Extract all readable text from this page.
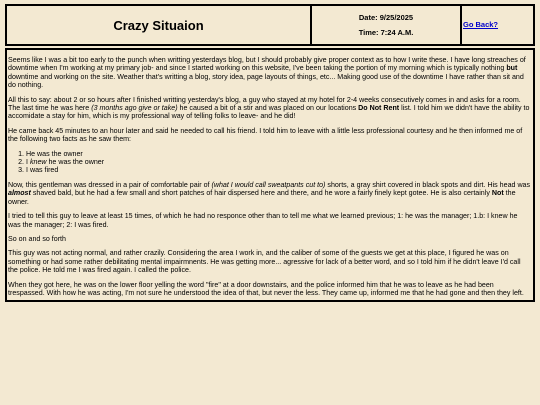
Crazy Situaion	Date: 9/25/2025
Time: 7:24 A.M.
Go Back?

Seems like I was a bit too early to the punch when writting yesterdays blog, but I should probably give proper context as to how I write these. I have long streaches of downtime when I'm working at my primary job- and since I started working on this website, I've been taking the portion of my morning which is typically nothing but downtime and working on the site. Weather that's writting a blog, story idea, page layouts of things, etc... Making good use of the downtime I have rather than sit and do nothing.

All this to say: about 2 or so hours after I finished writting yesterday's blog, a guy who stayed at my hotel for 2-4 weeks consecutively comes in and asks for a room. The last time he was here (3 months ago give or take) he caused a bit of a stir and was placed on our locations Do Not Rent list. I told him we didn't have the ability to accomidate a stay for him, which is my professional way of telling folks to leave- and he did!

He came back 45 minutes to an hour later and said he needed to call his friend. I told him to leave with a little less professional courtesy and he then informed me of the following two facts as he saw them:

1. He was the owner
2. I knew he was the owner
3. I was fired

Now, this gentleman was dressed in a pair of comfortable pair of (what I would call sweatpants cut to) shorts, a gray shirt covered in black spots and dirt. His head was almost shaved bald, but he had a few small and short patches of hair dispersed here and there, and he wore a fairly finely kept gotee. He is also certainly Not the owner.

I tried to tell this guy to leave at least 15 times, of which he had no responce other than to tell me what we learned previous; 1: he was the manager; 1.b: I knew he was the manager; 2: I was fired.

So on and so forth

This guy was not acting normal, and rather crazily. Considering the area I work in, and the caliber of some of the guests we get at this place, I figured he was on something or had some rather debilitating mental impairmnents. He was getting more... agressive for lack of a better word, and so I told him if he didn't leave I'd call the police. He told me I was fired again. I called the police.

When they got here, he was on the lower floor yelling the word "fire" at a door downstairs, and the police informed him that he was to leave as he had been trespassed. With how he was acting, I'm not sure he understood the idea of that, but never the less. They came up, informed me that he had gone and then they left.
